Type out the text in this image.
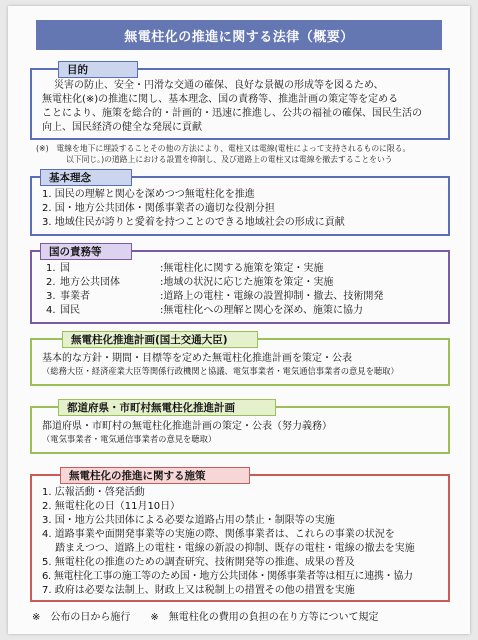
無電柱化の推進に関する法律（概要）
目的
災害の防止、安全・円滑な交通の確保、良好な景観の形成等を図るため、
無電柱化(※)の推進に関し、基本理念、国の責務等、推進計画の策定等を定める
ことにより、施策を総合的・計画的・迅速に推進し、公共の福祉の確保、国民生活の
向上、国民経済の健全な発展に貢献
(※)　電線を地下に埋設することその他の方法により、電柱又は電線(電柱によって支持されるものに限る。
以下同じ。)の道路上における設置を抑制し、及び道路上の電柱又は電線を撤去することをいう
基本理念
1. 国民の理解と関心を深めつつ無電柱化を推進
2. 国・地方公共団体・関係事業者の適切な役割分担
3. 地域住民が誇りと愛着を持つことのできる地域社会の形成に貢献
国の責務等
1. 国	:無電柱化に関する施策を策定・実施
2. 地方公共団体	:地域の状況に応じた施策を策定・実施
3. 事業者	:道路上の電柱・電線の設置抑制・撤去、技術開発
4. 国民	:無電柱化への理解と関心を深め、施策に協力
無電柱化推進計画(国土交通大臣)
基本的な方針・期間・目標等を定めた無電柱化推進計画を策定・公表
（総務大臣・経済産業大臣等関係行政機関と協議、電気事業者・電気通信事業者の意見を聴取）
都道府県・市町村無電柱化推進計画
都道府県・市町村の無電柱化推進計画の策定・公表（努力義務）
（電気事業者・電気通信事業者の意見を聴取）
無電柱化の推進に関する施策
1. 広報活動・啓発活動
2. 無電柱化の日（11月10日）
3. 国・地方公共団体による必要な道路占用の禁止・制限等の実施
4. 道路事業や面開発事業等の実施の際、関係事業者は、これらの事業の状況を
　 踏まえつつ、道路上の電柱・電線の新設の抑制、既存の電柱・電線の撤去を実施
5. 無電柱化の推進のための調査研究、技術開発等の推進、成果の普及
6. 無電柱化工事の施工等のため国・地方公共団体・関係事業者等は相互に連携・協力
7. 政府は必要な法制上、財政上又は税制上の措置その他の措置を実施
※　公布の日から施行　　※　無電柱化の費用の負担の在り方等について規定
